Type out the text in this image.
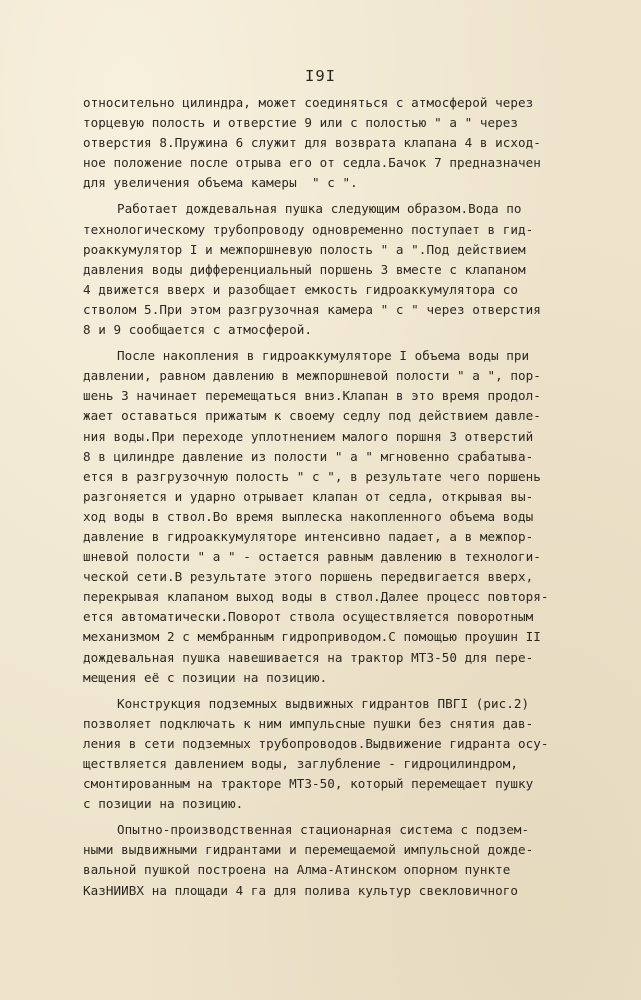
I9I
относительно цилиндра, может соединяться с атмосферой через
торцевую полость и отверстие 9 или с полостью " а " через
отверстия 8.Пружина 6 служит для возврата клапана 4 в исход-
ное положение после отрыва его от седла.Бачок 7 предназначен
для увеличения объема камеры  " с ".
Работает дождевальная пушка следующим образом.Вода по
технологическому трубопроводу одновременно поступает в гид-
роаккумулятор I и межпоршневую полость " а ".Под действием
давления воды дифференциальный поршень 3 вместе с клапаном
4 движется вверх и разобщает емкость гидроаккумулятора со
стволом 5.При этом разгрузочная камера " с " через отверстия
8 и 9 сообщается с атмосферой.
После накопления в гидроаккумуляторе I объема воды при
давлении, равном давлению в межпоршневой полости " а ", пор-
шень 3 начинает перемещаться вниз.Клапан в это время продол-
жает оставаться прижатым к своему седлу под действием давле-
ния воды.При переходе уплотнением малого поршня 3 отверстий
8 в цилиндре давление из полости " а " мгновенно срабатыва-
ется в разгрузочную полость " с ", в результате чего поршень
разгоняется и ударно отрывает клапан от седла, открывая вы-
ход воды в ствол.Во время выплеска накопленного объема воды
давление в гидроаккумуляторе интенсивно падает, а в межпор-
шневой полости " а " - остается равным давлению в технологи-
ческой сети.В результате этого поршень передвигается вверх,
перекрывая клапаном выход воды в ствол.Далее процесс повторя-
ется автоматически.Поворот ствола осуществляется поворотным
механизмом 2 с мембранным гидроприводом.С помощью проушин II
дождевальная пушка навешивается на трактор МТЗ-50 для пере-
мещения её с позиции на позицию.
Конструкция подземных выдвижных гидрантов ПВГI (рис.2)
позволяет подключать к ним импульсные пушки без снятия дав-
ления в сети подземных трубопроводов.Выдвижение гидранта осу-
ществляется давлением воды, заглубление - гидроцилиндром,
смонтированным на тракторе МТЗ-50, который перемещает пушку
с позиции на позицию.
Опытно-производственная стационарная система с подзем-
ными выдвижными гидрантами и перемещаемой импульсной дожде-
вальной пушкой построена на Алма-Атинском опорном пункте
КазНИИВХ на площади 4 га для полива культур свекловичного
